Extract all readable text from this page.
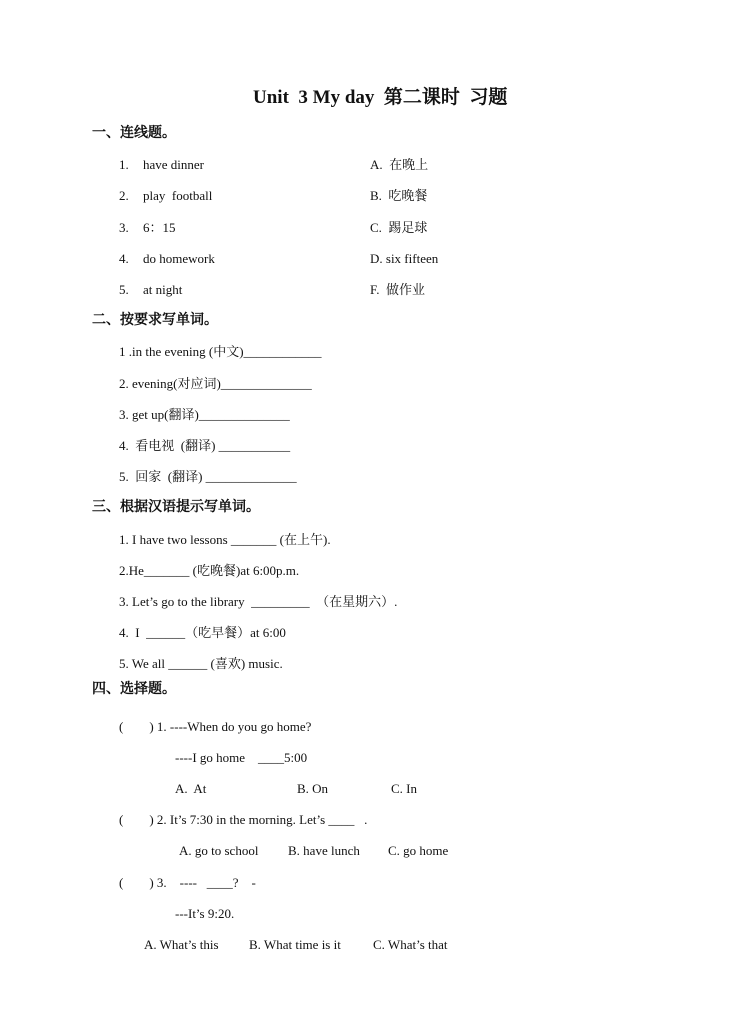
Unit  3 My day  第二课时  习题
一、连线题。
1. have dinner	A.  在晚上
2. play  football	B.  吃晚餐
3. 6：15	C.  踢足球
4. do homework	D. six fifteen
5. at night	F.  做作业
二、按要求写单词。
1 .in the evening (中文)____________
2. evening(对应词)______________
3. get up(翻译)______________
4.  看电视  (翻译) ___________
5.  回家  (翻译) ______________
三、根据汉语提示写单词。
1. I have two lessons _______ (在上午).
2.He_______ (吃晚餐)at 6:00p.m.
3. Let’s go to the library  _________  （在星期六）.
4.  I  ______（吃早餐）at 6:00
5. We all ______ (喜欢) music.
四、选择题。
(        ) 1. ----When do you go home?
----I go home    ____5:00
A.  At	B. On	C. In
(        ) 2. It’s 7:30 in the morning. Let’s ____   .
A. go to school B. have lunch C. go home
(        ) 3.    ----   ____?    -
---It’s 9:20.
A. What’s this B. What time is it C. What’s that
